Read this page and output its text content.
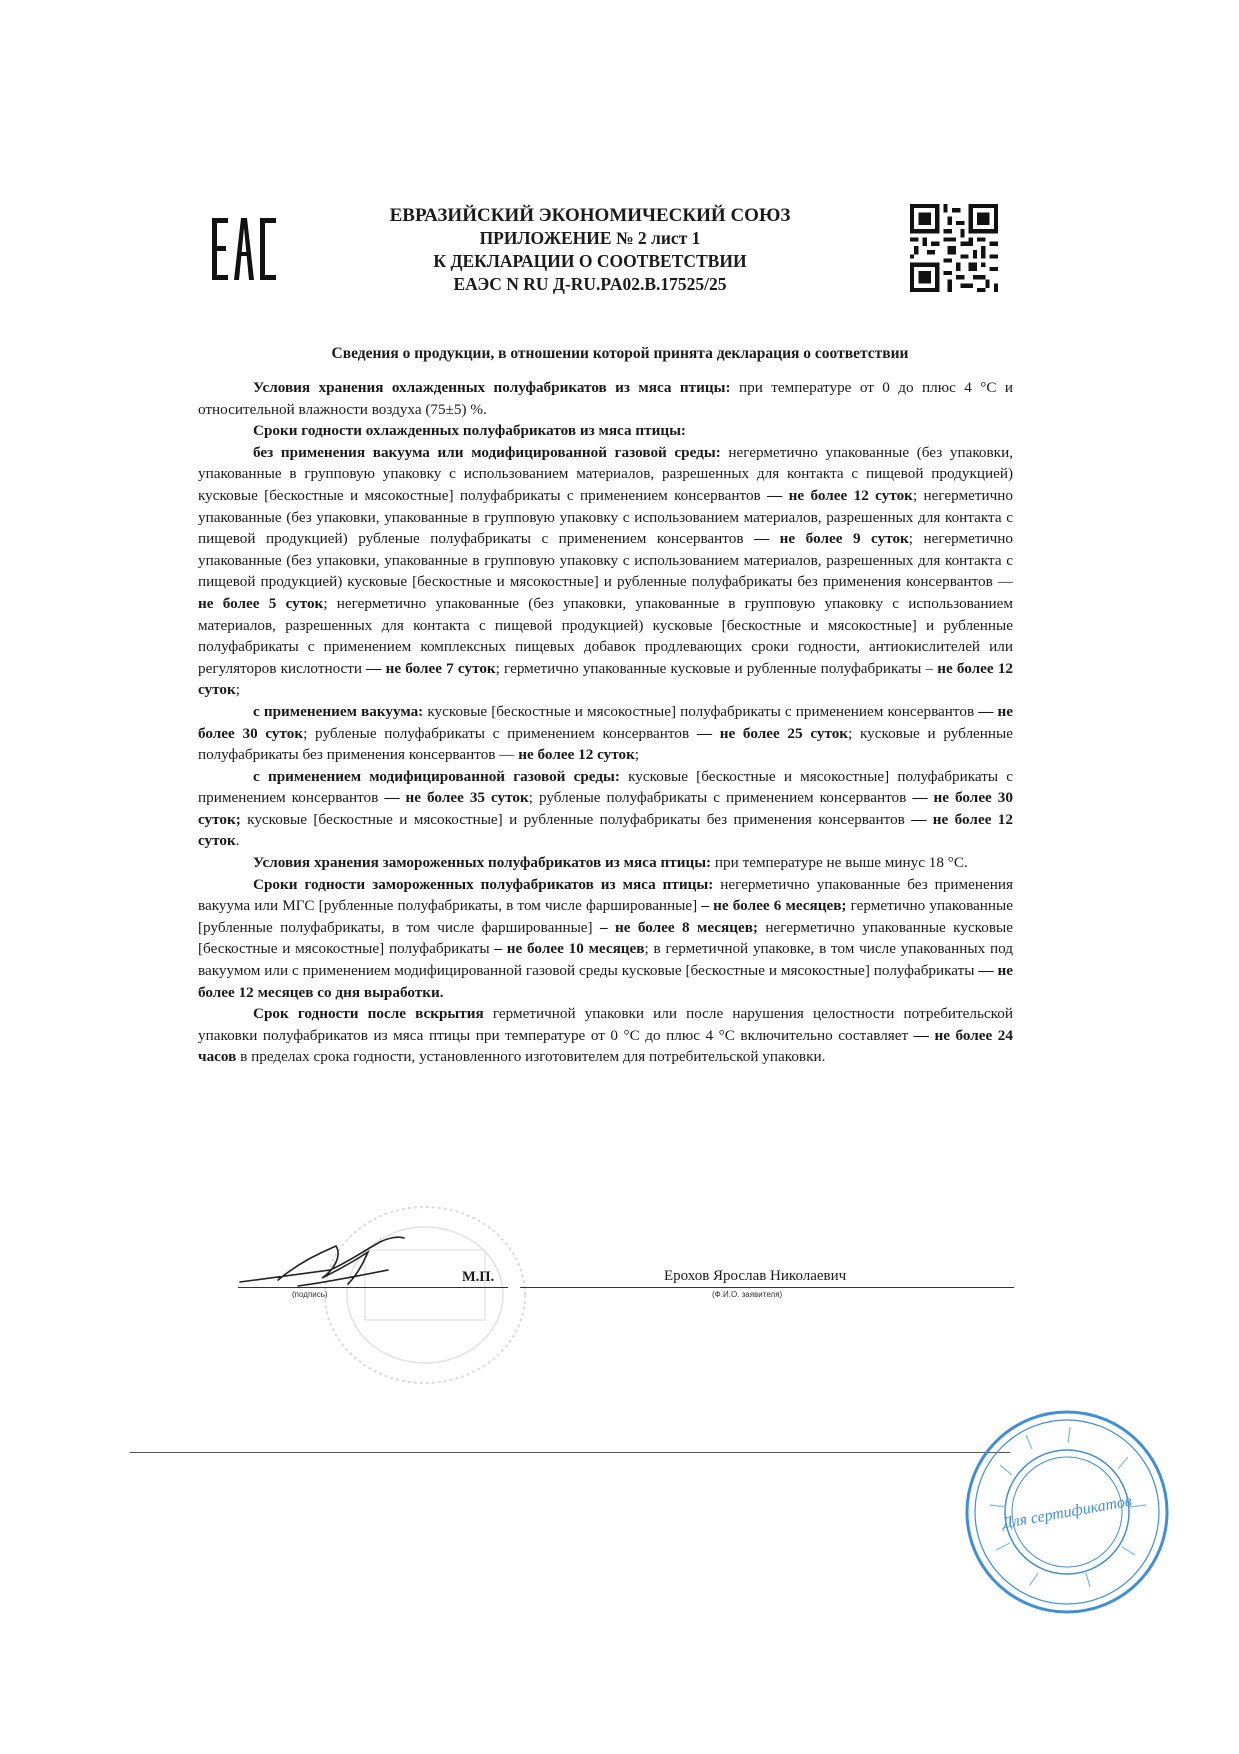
ЕВРАЗИЙСКИЙ ЭКОНОМИЧЕСКИЙ СОЮЗ
ПРИЛОЖЕНИЕ № 2 лист 1
К ДЕКЛАРАЦИИ О СООТВЕТСТВИИ
ЕАЭС N RU Д-RU.PA02.B.17525/25
Сведения о продукции, в отношении которой принята декларация о соответствии

Условия хранения охлажденных полуфабрикатов из мяса птицы: при температуре от 0 до плюс 4 °С и относительной влажности воздуха (75±5) %.

Сроки годности охлажденных полуфабрикатов из мяса птицы:

без применения вакуума или модифицированной газовой среды: негерметично упакованные (без упаковки, упакованные в групповую упаковку с использованием материалов, разрешенных для контакта с пищевой продукцией) кусковые [бескостные и мясокостные] полуфабрикаты с применением консервантов — не более 12 суток; негерметично упакованные (без упаковки, упакованные в групповую упаковку с использованием материалов, разрешенных для контакта с пищевой продукцией) рубленые полуфабрикаты с применением консервантов — не более 9 суток; негерметично упакованные (без упаковки, упакованные в групповую упаковку с использованием материалов, разрешенных для контакта с пищевой продукцией) кусковые [бескостные и мясокостные] и рубленные полуфабрикаты без применения консервантов — не более 5 суток; негерметично упакованные (без упаковки, упакованные в групповую упаковку с использованием материалов, разрешенных для контакта с пищевой продукцией) кусковые [бескостные и мясокостные] и рубленные полуфабрикаты с применением комплексных пищевых добавок продлевающих сроки годности, антиокислителей или регуляторов кислотности — не более 7 суток; герметично упакованные кусковые и рубленные полуфабрикаты – не более 12 суток;

с применением вакуума: кусковые [бескостные и мясокостные] полуфабрикаты с применением консервантов — не более 30 суток; рубленые полуфабрикаты с применением консервантов — не более 25 суток; кусковые и рубленные полуфабрикаты без применения консервантов — не более 12 суток;

с применением модифицированной газовой среды: кусковые [бескостные и мясокостные] полуфабрикаты с применением консервантов — не более 35 суток; рубленые полуфабрикаты с применением консервантов — не более 30 суток; кусковые [бескостные и мясокостные] и рубленные полуфабрикаты без применения консервантов — не более 12 суток.

Условия хранения замороженных полуфабрикатов из мяса птицы: при температуре не выше минус 18 °С.

Сроки годности замороженных полуфабрикатов из мяса птицы: негерметично упакованные без применения вакуума или МГС [рубленные полуфабрикаты, в том числе фаршированные] – не более 6 месяцев; герметично упакованные [рубленные полуфабрикаты, в том числе фаршированные] – не более 8 месяцев; негерметично упакованные кусковые [бескостные и мясокостные] полуфабрикаты – не более 10 месяцев; в герметичной упаковке, в том числе упакованных под вакуумом или с применением модифицированной газовой среды кусковые [бескостные и мясокостные] полуфабрикаты — не более 12 месяцев со дня выработки.

Срок годности после вскрытия герметичной упаковки или после нарушения целостности потребительской упаковки полуфабрикатов из мяса птицы при температуре от 0 °С до плюс 4 °С включительно составляет — не более 24 часов в пределах срока годности, установленного изготовителем для потребительской упаковки.

М.П.
(подпись)
Ерохов Ярослав Николаевич
(Ф.И.О. заявителя)
Для сертификатов
